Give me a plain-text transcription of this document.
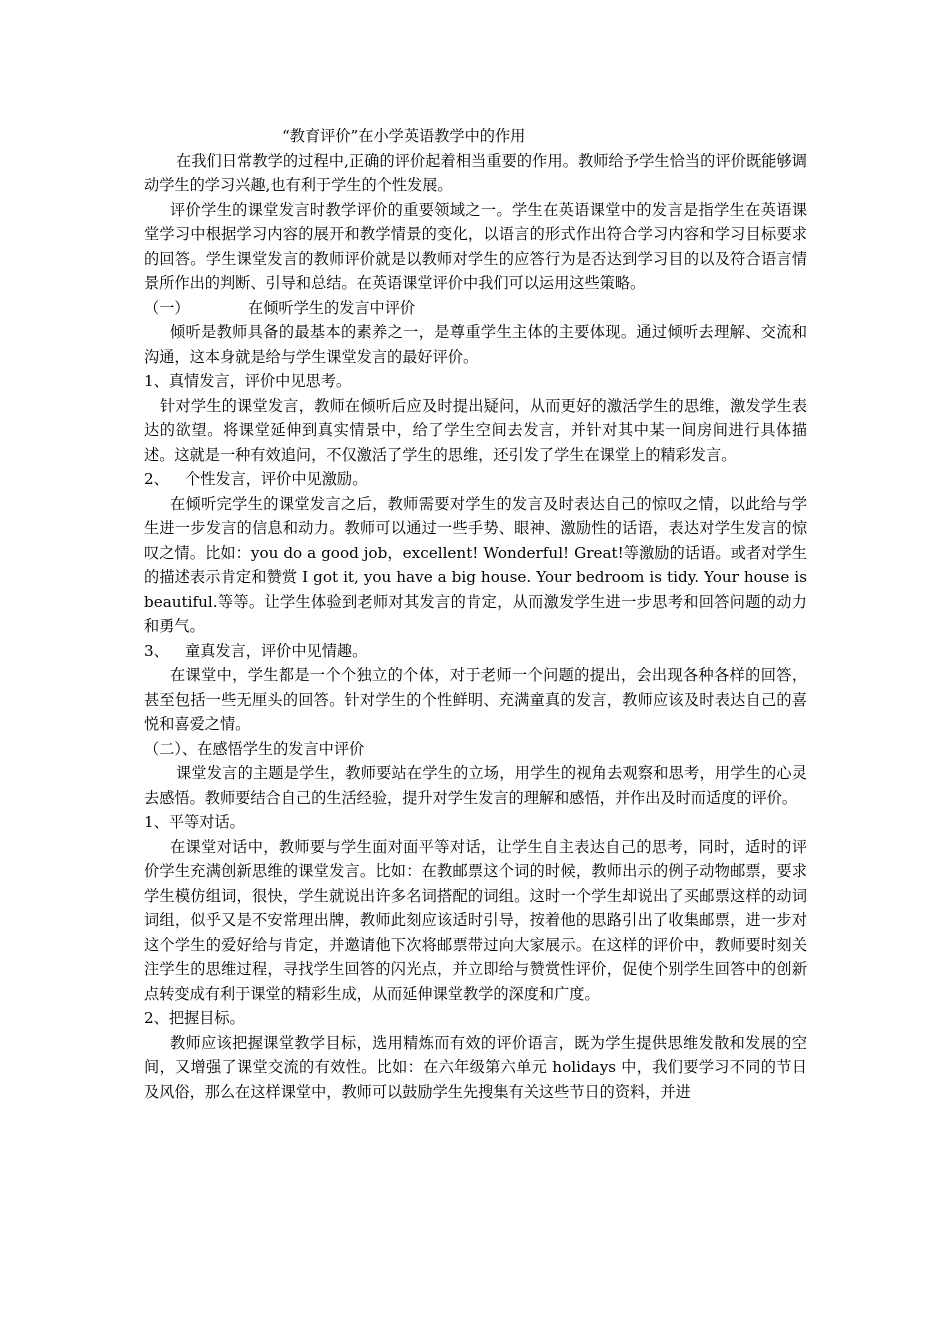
“教育评价”在小学英语教学中的作用

在我们日常教学的过程中,正确的评价起着相当重要的作用。教师给予学生恰当的评价既能够调动学生的学习兴趣,也有利于学生的个性发展。

评价学生的课堂发言时教学评价的重要领域之一。学生在英语课堂中的发言是指学生在英语课堂学习中根据学习内容的展开和教学情景的变化，以语言的形式作出符合学习内容和学习目标要求的回答。学生课堂发言的教师评价就是以教师对学生的应答行为是否达到学习目的以及符合语言情景所作出的判断、引导和总结。在英语课堂评价中我们可以运用这些策略。

（一）	在倾听学生的发言中评价

倾听是教师具备的最基本的素养之一，是尊重学生主体的主要体现。通过倾听去理解、交流和沟通，这本身就是给与学生课堂发言的最好评价。

1、真情发言，评价中见思考。

针对学生的课堂发言，教师在倾听后应及时提出疑问，从而更好的激活学生的思维，激发学生表达的欲望。将课堂延伸到真实情景中，给了学生空间去发言，并针对其中某一间房间进行具体描述。这就是一种有效追问，不仅激活了学生的思维，还引发了学生在课堂上的精彩发言。

2、	个性发言，评价中见激励。

在倾听完学生的课堂发言之后，教师需要对学生的发言及时表达自己的惊叹之情，以此给与学生进一步发言的信息和动力。教师可以通过一些手势、眼神、激励性的话语，表达对学生发言的惊叹之情。比如：you do a good job，excellent! Wonderful! Great!等激励的话语。或者对学生的描述表示肯定和赞赏 I got it, you have a big house. Your bedroom is tidy. Your house is beautiful.等等。让学生体验到老师对其发言的肯定，从而激发学生进一步思考和回答问题的动力和勇气。

3、	童真发言，评价中见情趣。

在课堂中，学生都是一个个独立的个体，对于老师一个问题的提出，会出现各种各样的回答，甚至包括一些无厘头的回答。针对学生的个性鲜明、充满童真的发言，教师应该及时表达自己的喜悦和喜爱之情。

（二）、在感悟学生的发言中评价

课堂发言的主题是学生，教师要站在学生的立场，用学生的视角去观察和思考，用学生的心灵去感悟。教师要结合自己的生活经验，提升对学生发言的理解和感悟，并作出及时而适度的评价。

1、平等对话。

在课堂对话中，教师要与学生面对面平等对话，让学生自主表达自己的思考，同时，适时的评价学生充满创新思维的课堂发言。比如：在教邮票这个词的时候，教师出示的例子动物邮票，要求学生模仿组词，很快，学生就说出许多名词搭配的词组。这时一个学生却说出了买邮票这样的动词词组，似乎又是不安常理出牌，教师此刻应该适时引导，按着他的思路引出了收集邮票，进一步对这个学生的爱好给与肯定，并邀请他下次将邮票带过向大家展示。在这样的评价中，教师要时刻关注学生的思维过程，寻找学生回答的闪光点，并立即给与赞赏性评价，促使个别学生回答中的创新点转变成有利于课堂的精彩生成，从而延伸课堂教学的深度和广度。

2、把握目标。

教师应该把握课堂教学目标，选用精炼而有效的评价语言，既为学生提供思维发散和发展的空间，又增强了课堂交流的有效性。比如：在六年级第六单元 holidays 中，我们要学习不同的节日及风俗，那么在这样课堂中，教师可以鼓励学生先搜集有关这些节日的资料，并进
